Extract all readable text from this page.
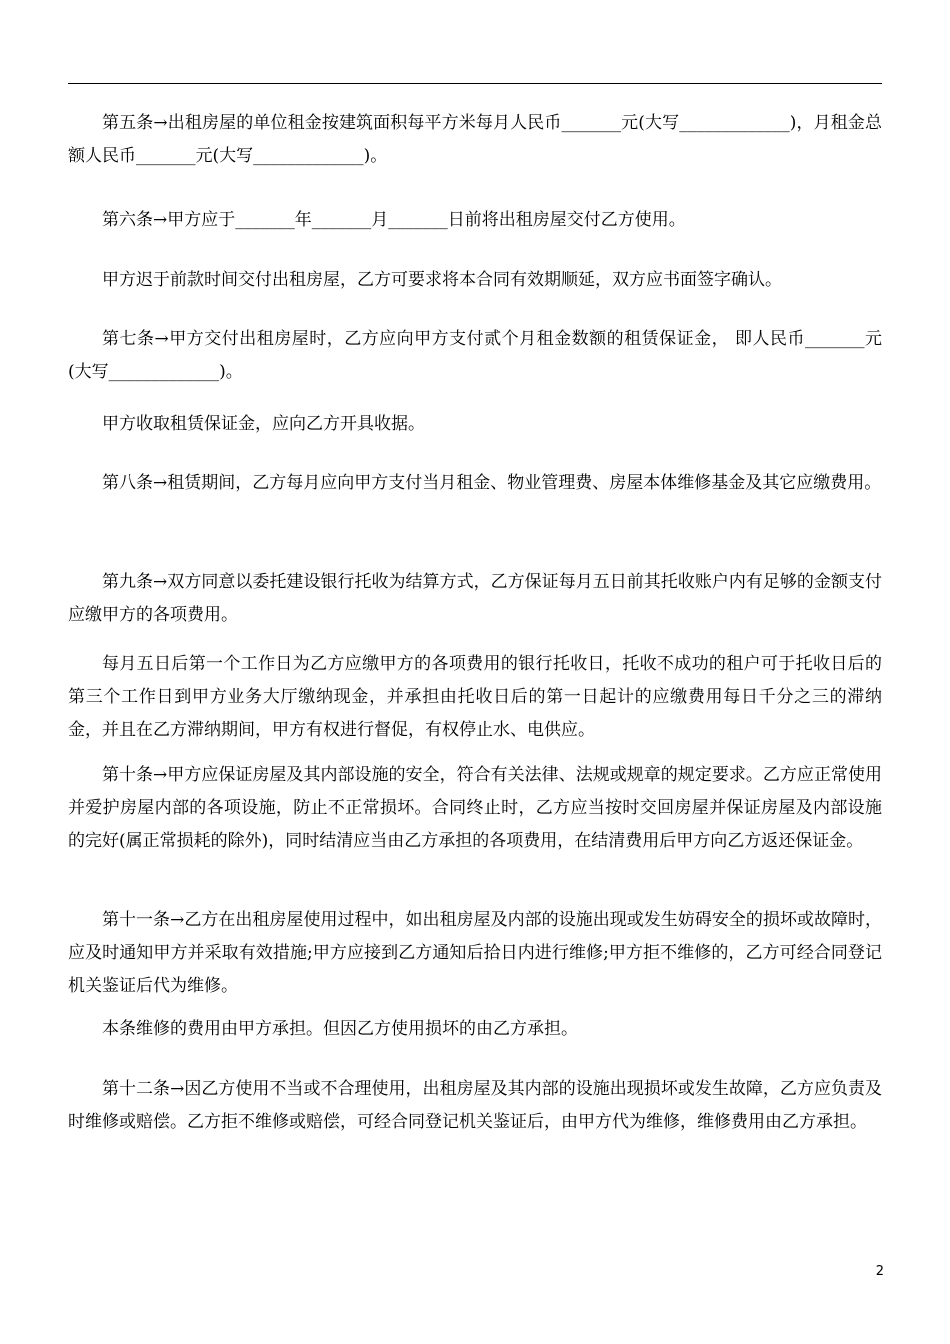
第五条→出租房屋的单位租金按建筑面积每平方米每月人民币_______元(大写_____________)，月租金总额人民币_______元(大写_____________)。

第六条→甲方应于_______年_______月_______日前将出租房屋交付乙方使用。

甲方迟于前款时间交付出租房屋，乙方可要求将本合同有效期顺延，双方应书面签字确认。

第七条→甲方交付出租房屋时，乙方应向甲方支付贰个月租金数额的租赁保证金， 即人民币_______元(大写_____________)。

甲方收取租赁保证金，应向乙方开具收据。

第八条→租赁期间，乙方每月应向甲方支付当月租金、物业管理费、房屋本体维修基金及其它应缴费用。

第九条→双方同意以委托建设银行托收为结算方式，乙方保证每月五日前其托收账户内有足够的金额支付应缴甲方的各项费用。

每月五日后第一个工作日为乙方应缴甲方的各项费用的银行托收日，托收不成功的租户可于托收日后的第三个工作日到甲方业务大厅缴纳现金，并承担由托收日后的第一日起计的应缴费用每日千分之三的滞纳金，并且在乙方滞纳期间，甲方有权进行督促，有权停止水、电供应。

第十条→甲方应保证房屋及其内部设施的安全，符合有关法律、法规或规章的规定要求。乙方应正常使用并爱护房屋内部的各项设施，防止不正常损坏。合同终止时，乙方应当按时交回房屋并保证房屋及内部设施的完好(属正常损耗的除外)，同时结清应当由乙方承担的各项费用，在结清费用后甲方向乙方返还保证金。

第十一条→乙方在出租房屋使用过程中，如出租房屋及内部的设施出现或发生妨碍安全的损坏或故障时，应及时通知甲方并采取有效措施;甲方应接到乙方通知后拾日内进行维修;甲方拒不维修的，乙方可经合同登记机关鉴证后代为维修。

本条维修的费用由甲方承担。但因乙方使用损坏的由乙方承担。

第十二条→因乙方使用不当或不合理使用，出租房屋及其内部的设施出现损坏或发生故障，乙方应负责及时维修或赔偿。乙方拒不维修或赔偿，可经合同登记机关鉴证后，由甲方代为维修，维修费用由乙方承担。

2
